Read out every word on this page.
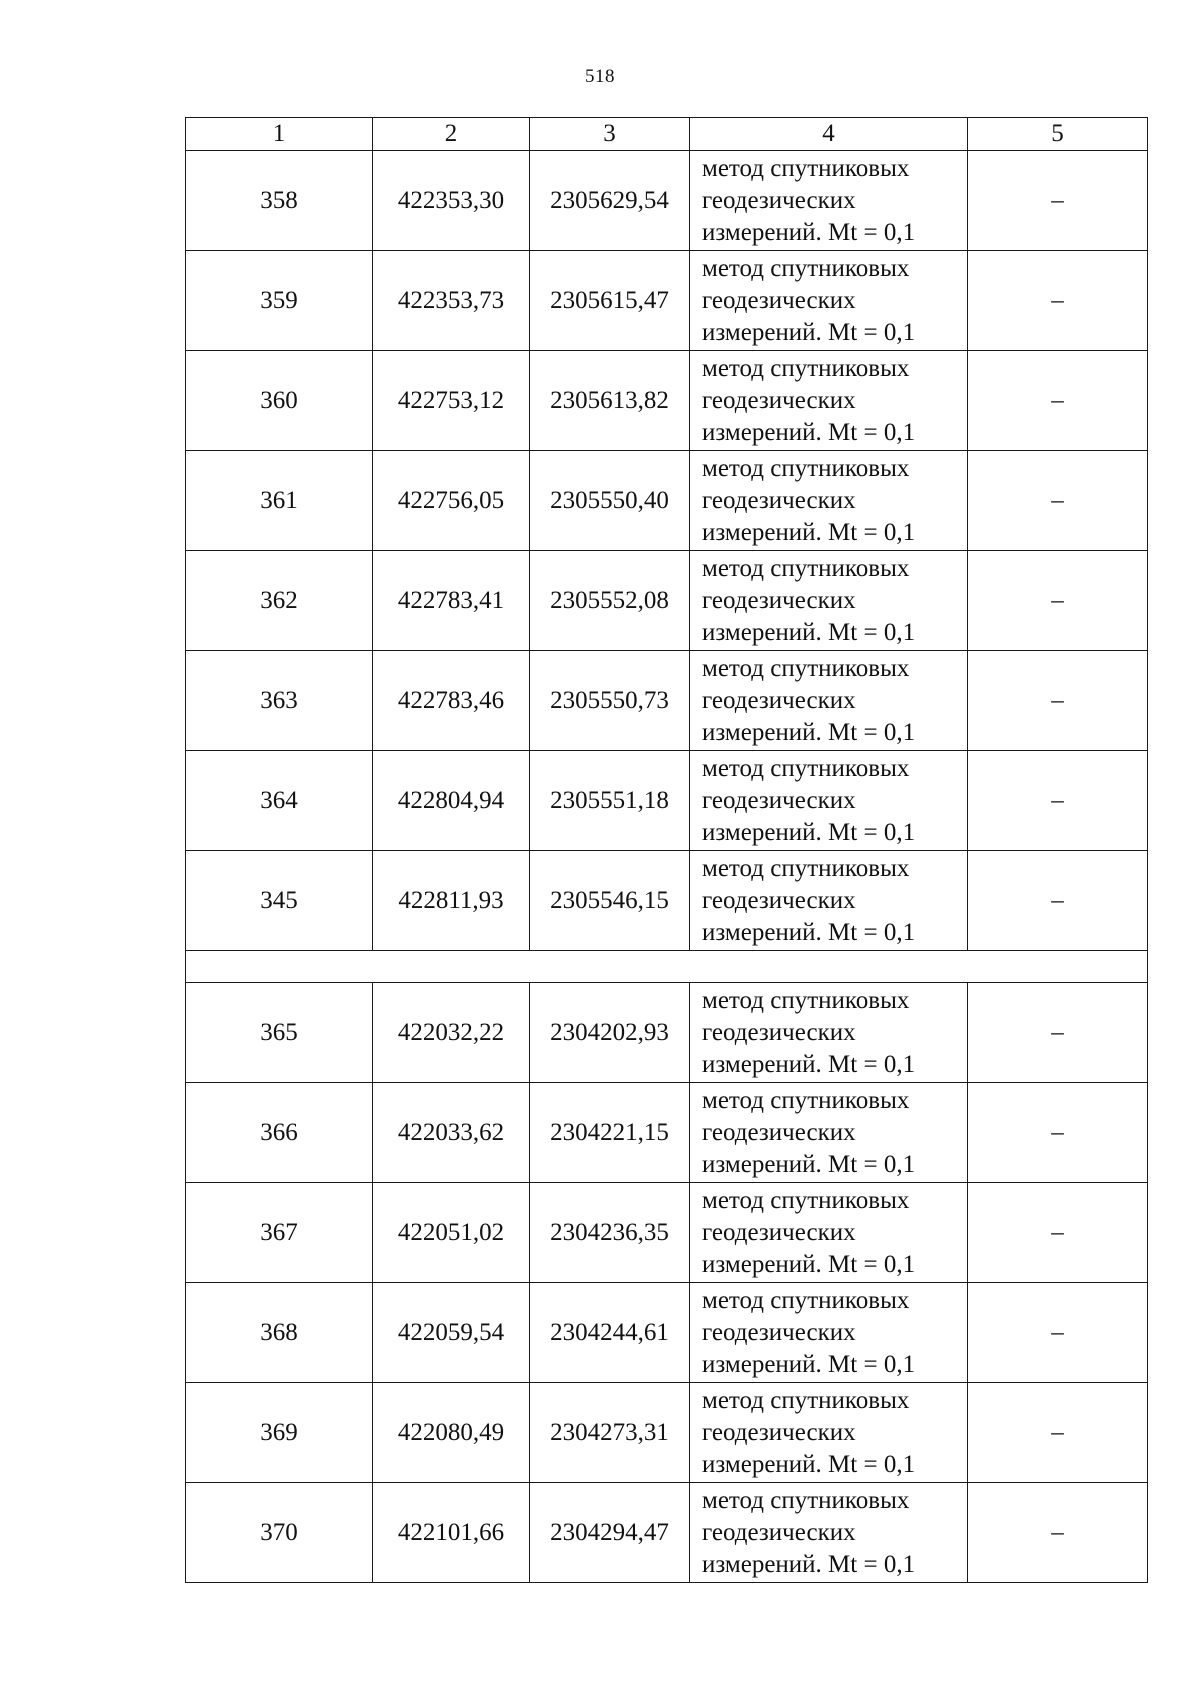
518
1	2	3	4	5
358	422353,30	2305629,54	метод спутниковых
геодезических
измерений. Mt = 0,1	–
359	422353,73	2305615,47	метод спутниковых
геодезических
измерений. Mt = 0,1	–
360	422753,12	2305613,82	метод спутниковых
геодезических
измерений. Mt = 0,1	–
361	422756,05	2305550,40	метод спутниковых
геодезических
измерений. Mt = 0,1	–
362	422783,41	2305552,08	метод спутниковых
геодезических
измерений. Mt = 0,1	–
363	422783,46	2305550,73	метод спутниковых
геодезических
измерений. Mt = 0,1	–
364	422804,94	2305551,18	метод спутниковых
геодезических
измерений. Mt = 0,1	–
345	422811,93	2305546,15	метод спутниковых
геодезических
измерений. Mt = 0,1	–

365	422032,22	2304202,93	метод спутниковых
геодезических
измерений. Mt = 0,1	–
366	422033,62	2304221,15	метод спутниковых
геодезических
измерений. Mt = 0,1	–
367	422051,02	2304236,35	метод спутниковых
геодезических
измерений. Mt = 0,1	–
368	422059,54	2304244,61	метод спутниковых
геодезических
измерений. Mt = 0,1	–
369	422080,49	2304273,31	метод спутниковых
геодезических
измерений. Mt = 0,1	–
370	422101,66	2304294,47	метод спутниковых
геодезических
измерений. Mt = 0,1	–
